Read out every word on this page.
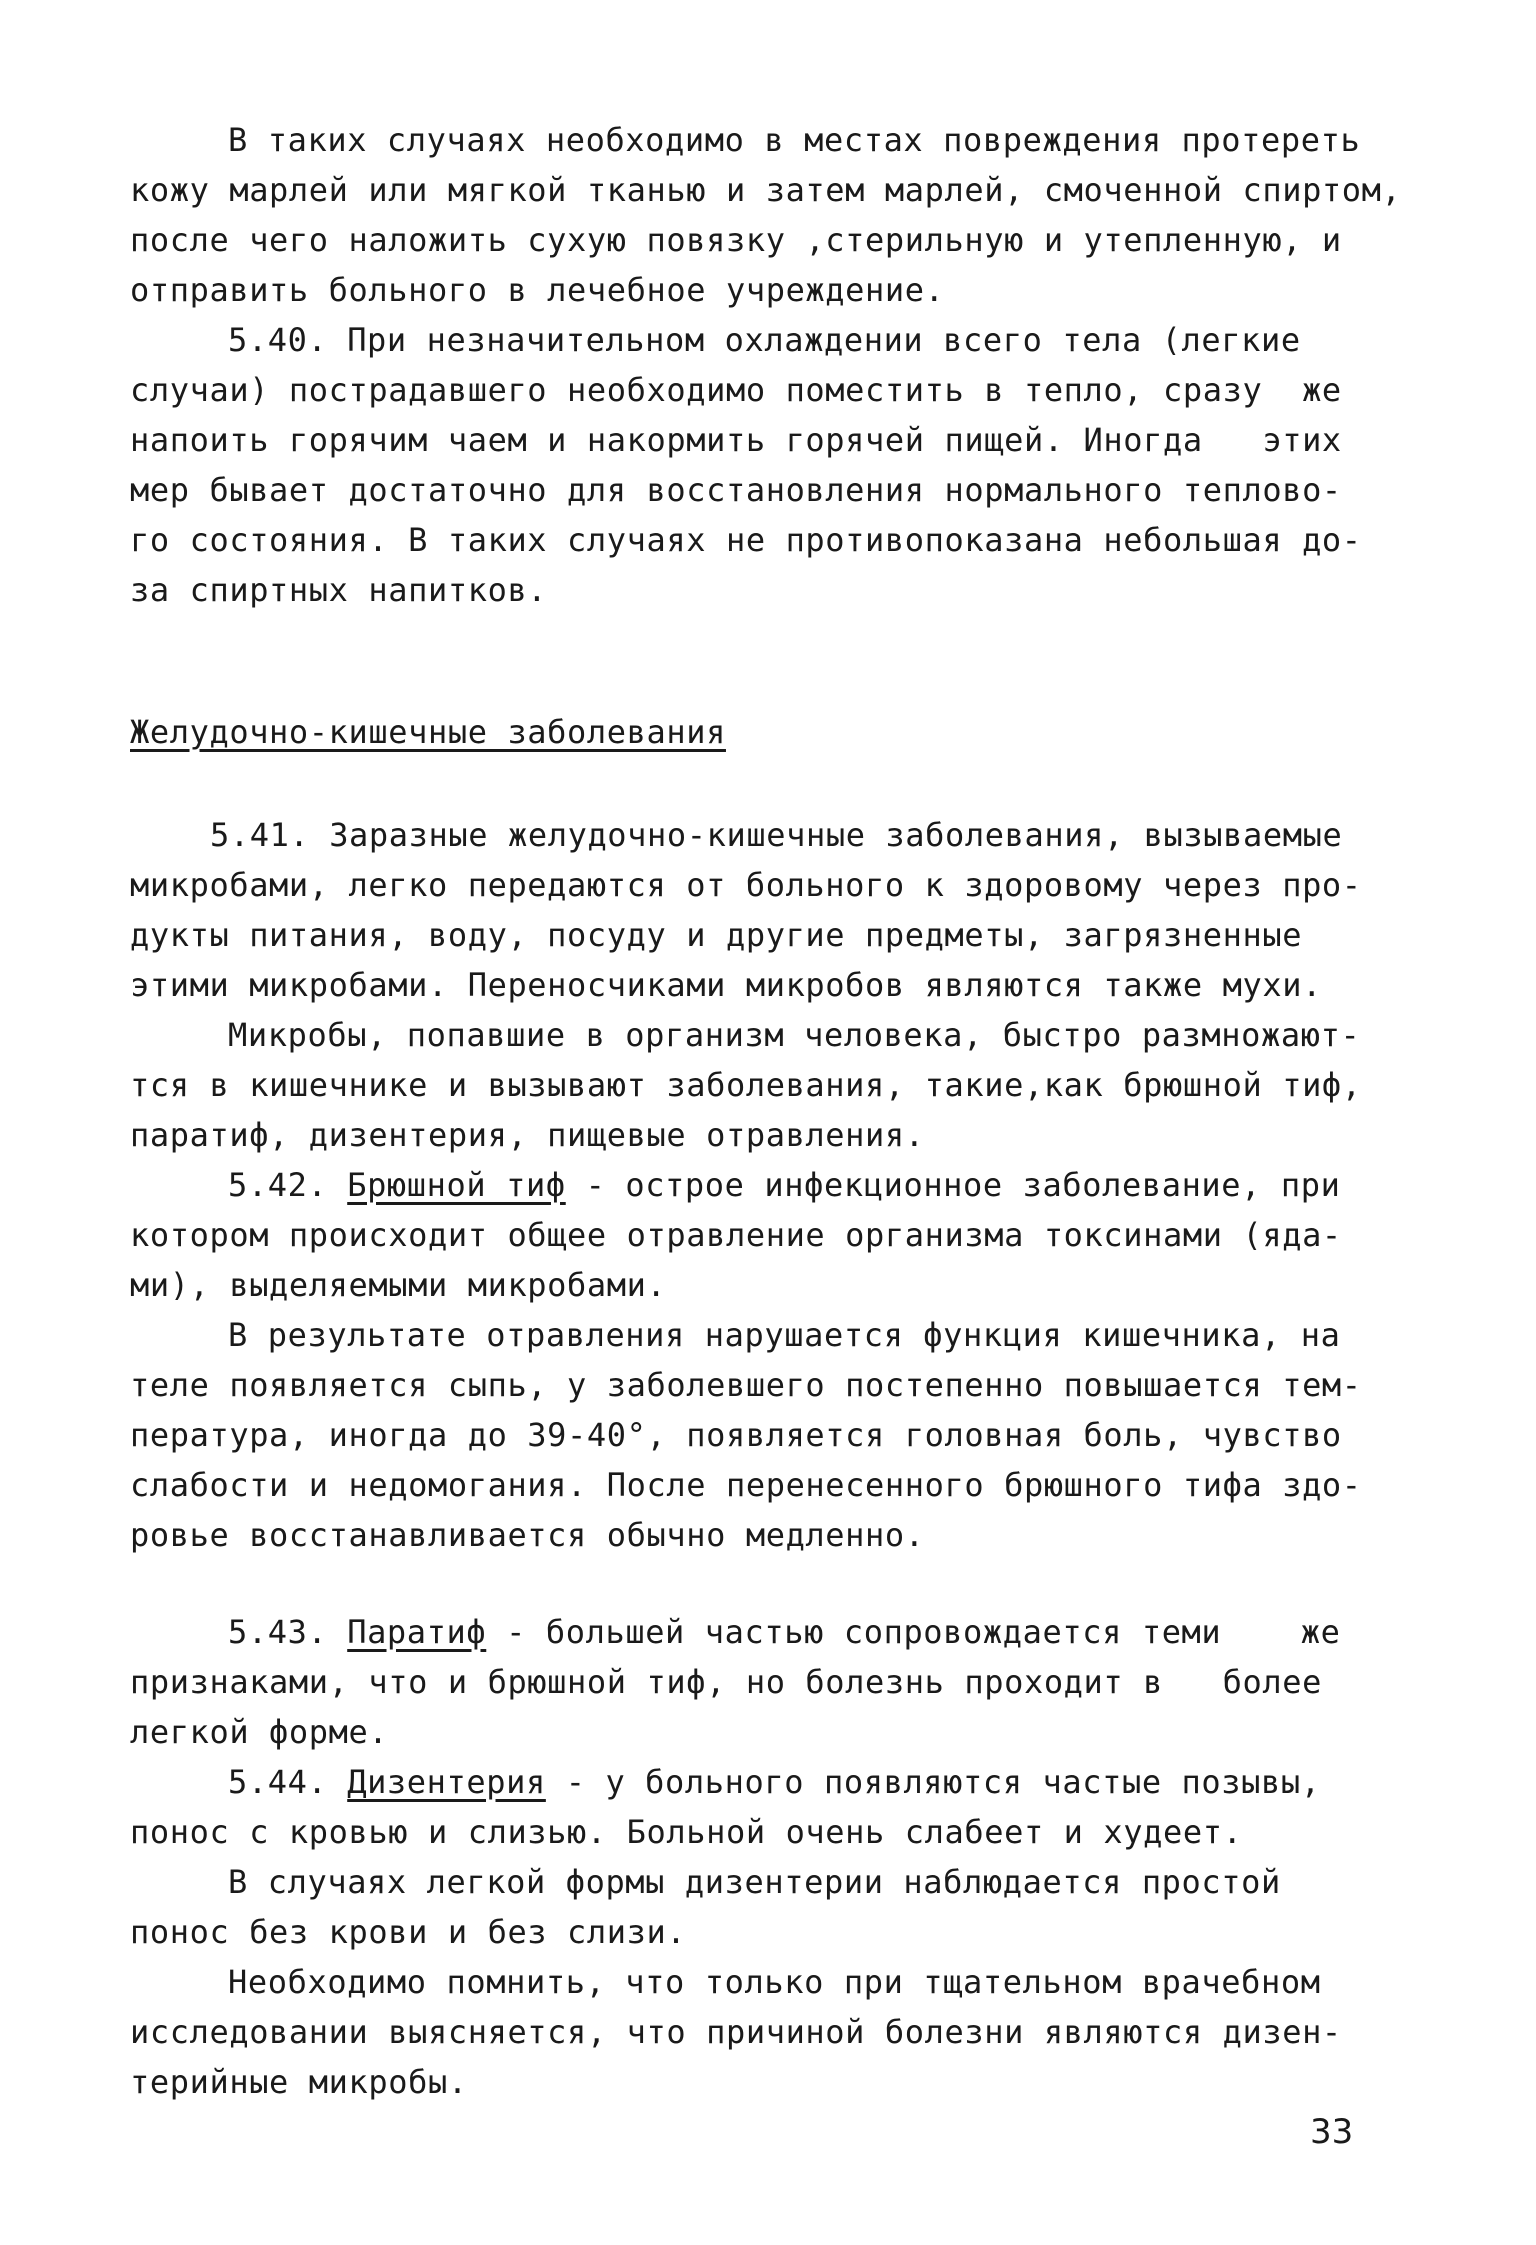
В таких случаях необходимо в местах повреждения протереть
кожу марлей или мягкой тканью и затем марлей, смоченной спиртом,
после чего наложить сухую повязку ,стерильную и утепленную, и
отправить больного в лечебное учреждение.
5.40. При незначительном охлаждении всего тела (легкие
случаи) пострадавшего необходимо поместить в тепло, сразу  же
напоить горячим чаем и накормить горячей пищей. Иногда   этих
мер бывает достаточно для восстановления нормального теплово-
го состояния. В таких случаях не противопоказана небольшая до-
за спиртных напитков.
Желудочно-кишечные заболевания
5.41. Заразные желудочно-кишечные заболевания, вызываемые
микробами, легко передаются от больного к здоровому через про-
дукты питания, воду, посуду и другие предметы, загрязненные
этими микробами. Переносчиками микробов являются также мухи.
Микробы, попавшие в организм человека, быстро размножают-
тся в кишечнике и вызывают заболевания, такие,как брюшной тиф,
паратиф, дизентерия, пищевые отравления.
5.42. Брюшной тиф - острое инфекционное заболевание, при
котором происходит общее отравление организма токсинами (яда-
ми), выделяемыми микробами.
В результате отравления нарушается функция кишечника, на
теле появляется сыпь, у заболевшего постепенно повышается тем-
пература, иногда до 39-40°, появляется головная боль, чувство
слабости и недомогания. После перенесенного брюшного тифа здо-
ровье восстанавливается обычно медленно.
5.43. Паратиф - большей частью сопровождается теми    же
признаками, что и брюшной тиф, но болезнь проходит в   более
легкой форме.
5.44. Дизентерия - у больного появляются частые позывы,
понос с кровью и слизью. Больной очень слабеет и худеет.
В случаях легкой формы дизентерии наблюдается простой
понос без крови и без слизи.
Необходимо помнить, что только при тщательном врачебном
исследовании выясняется, что причиной болезни являются дизен-
терийные микробы.
33
